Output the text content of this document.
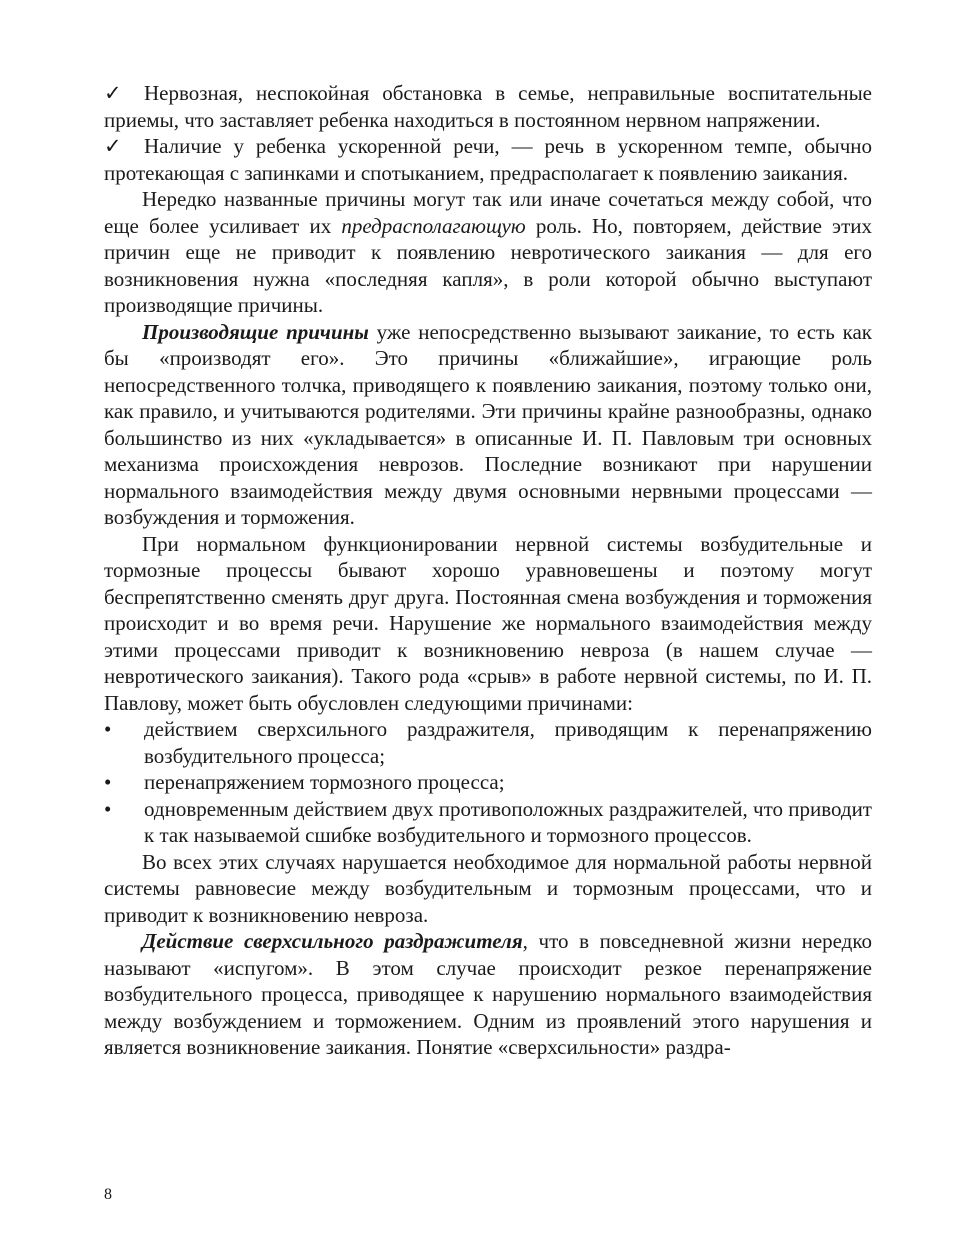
✓ Нервозная, неспокойная обстановка в семье, неправильные воспитательные приемы, что заставляет ребенка находиться в постоянном нервном напряжении.
✓ Наличие у ребенка ускоренной речи, — речь в ускоренном темпе, обычно протекающая с запинками и спотыканием, предрасполагает к появлению заикания.

Нередко названные причины могут так или иначе сочетаться между собой, что еще более усиливает их предрасполагающую роль. Но, повторяем, действие этих причин еще не приводит к появлению невротического заикания — для его возникновения нужна «последняя капля», в роли которой обычно выступают производящие причины.

Производящие причины уже непосредственно вызывают заикание, то есть как бы «производят его». Это причины «ближайшие», играющие роль непосредственного толчка, приводящего к появлению заикания, поэтому только они, как правило, и учитываются родителями. Эти причины крайне разнообразны, однако большинство из них «укладывается» в описанные И. П. Павловым три основных механизма происхождения неврозов. Последние возникают при нарушении нормального взаимодействия между двумя основными нервными процессами — возбуждения и торможения.

При нормальном функционировании нервной системы возбудительные и тормозные процессы бывают хорошо уравновешены и поэтому могут беспрепятственно сменять друг друга. Постоянная смена возбуждения и торможения происходит и во время речи. Нарушение же нормального взаимодействия между этими процессами приводит к возникновению невроза (в нашем случае — невротического заикания). Такого рода «срыв» в работе нервной системы, по И. П. Павлову, может быть обусловлен следующими причинами:

•	действием сверхсильного раздражителя, приводящим к перенапряжению возбудительного процесса;
•	перенапряжением тормозного процесса;
•	одновременным действием двух противоположных раздражителей, что приводит к так называемой сшибке возбудительного и тормозного процессов.

Во всех этих случаях нарушается необходимое для нормальной работы нервной системы равновесие между возбудительным и тормозным процессами, что и приводит к возникновению невроза.

Действие сверхсильного раздражителя, что в повседневной жизни нередко называют «испугом». В этом случае происходит резкое перенапряжение возбудительного процесса, приводящее к нарушению нормального взаимодействия между возбуждением и торможением. Одним из проявлений этого нарушения и является возникновение заикания. Понятие «сверхсильности» раздра-

8
